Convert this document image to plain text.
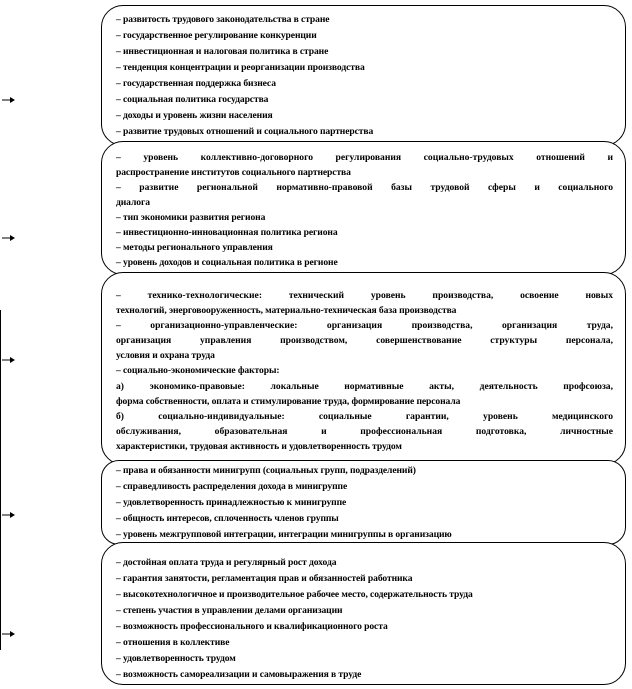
– развитость трудового законодательства в стране
– государственное регулирование конкуренции
– инвестиционная и налоговая политика в стране
– тенденция концентрации и реорганизации производства
– государственная поддержка бизнеса
– социальная политика государства
– доходы и уровень жизни населения
– развитие трудовых отношений и социального партнерства
– уровень коллективно-договорного регулирования социально-трудовых отношений и
распространение институтов социального партнерства
– развитие региональной нормативно-правовой базы трудовой сферы и социального
диалога
– тип экономики развития региона
– инвестиционно-инновационная политика региона
– методы регионального управления
– уровень доходов и социальная политика в регионе
– технико-технологические: технический уровень производства, освоение новых
технологий, энерговооруженность, материально-техническая база производства
– организационно-управленческие: организация производства, организация труда,
организация управления производством, совершенствование структуры персонала,
условия и охрана труда
– социально-экономические факторы:
а) экономико-правовые: локальные нормативные акты, деятельность профсоюза,
форма собственности, оплата и стимулирование труда, формирование персонала
б) социально-индивидуальные: социальные гарантии, уровень медицинского
обслуживания, образовательная и профессиональная подготовка, личностные
характеристики, трудовая активность и удовлетворенность трудом
– права и обязанности минигрупп (социальных групп, подразделений)
– справедливость распределения дохода в минигруппе
– удовлетворенность принадлежностью к минигруппе
– общность интересов, сплоченность членов группы
– уровень межгрупповой интеграции, интеграции минигруппы в организацию
– достойная оплата труда и регулярный рост дохода
– гарантия занятости, регламентация прав и обязанностей работника
– высокотехнологичное и производительное рабочее место, содержательность труда
– степень участия в управлении делами организации
– возможность профессионального и квалификационного роста
– отношения в коллективе
– удовлетворенность трудом
– возможность самореализации и самовыражения в труде
